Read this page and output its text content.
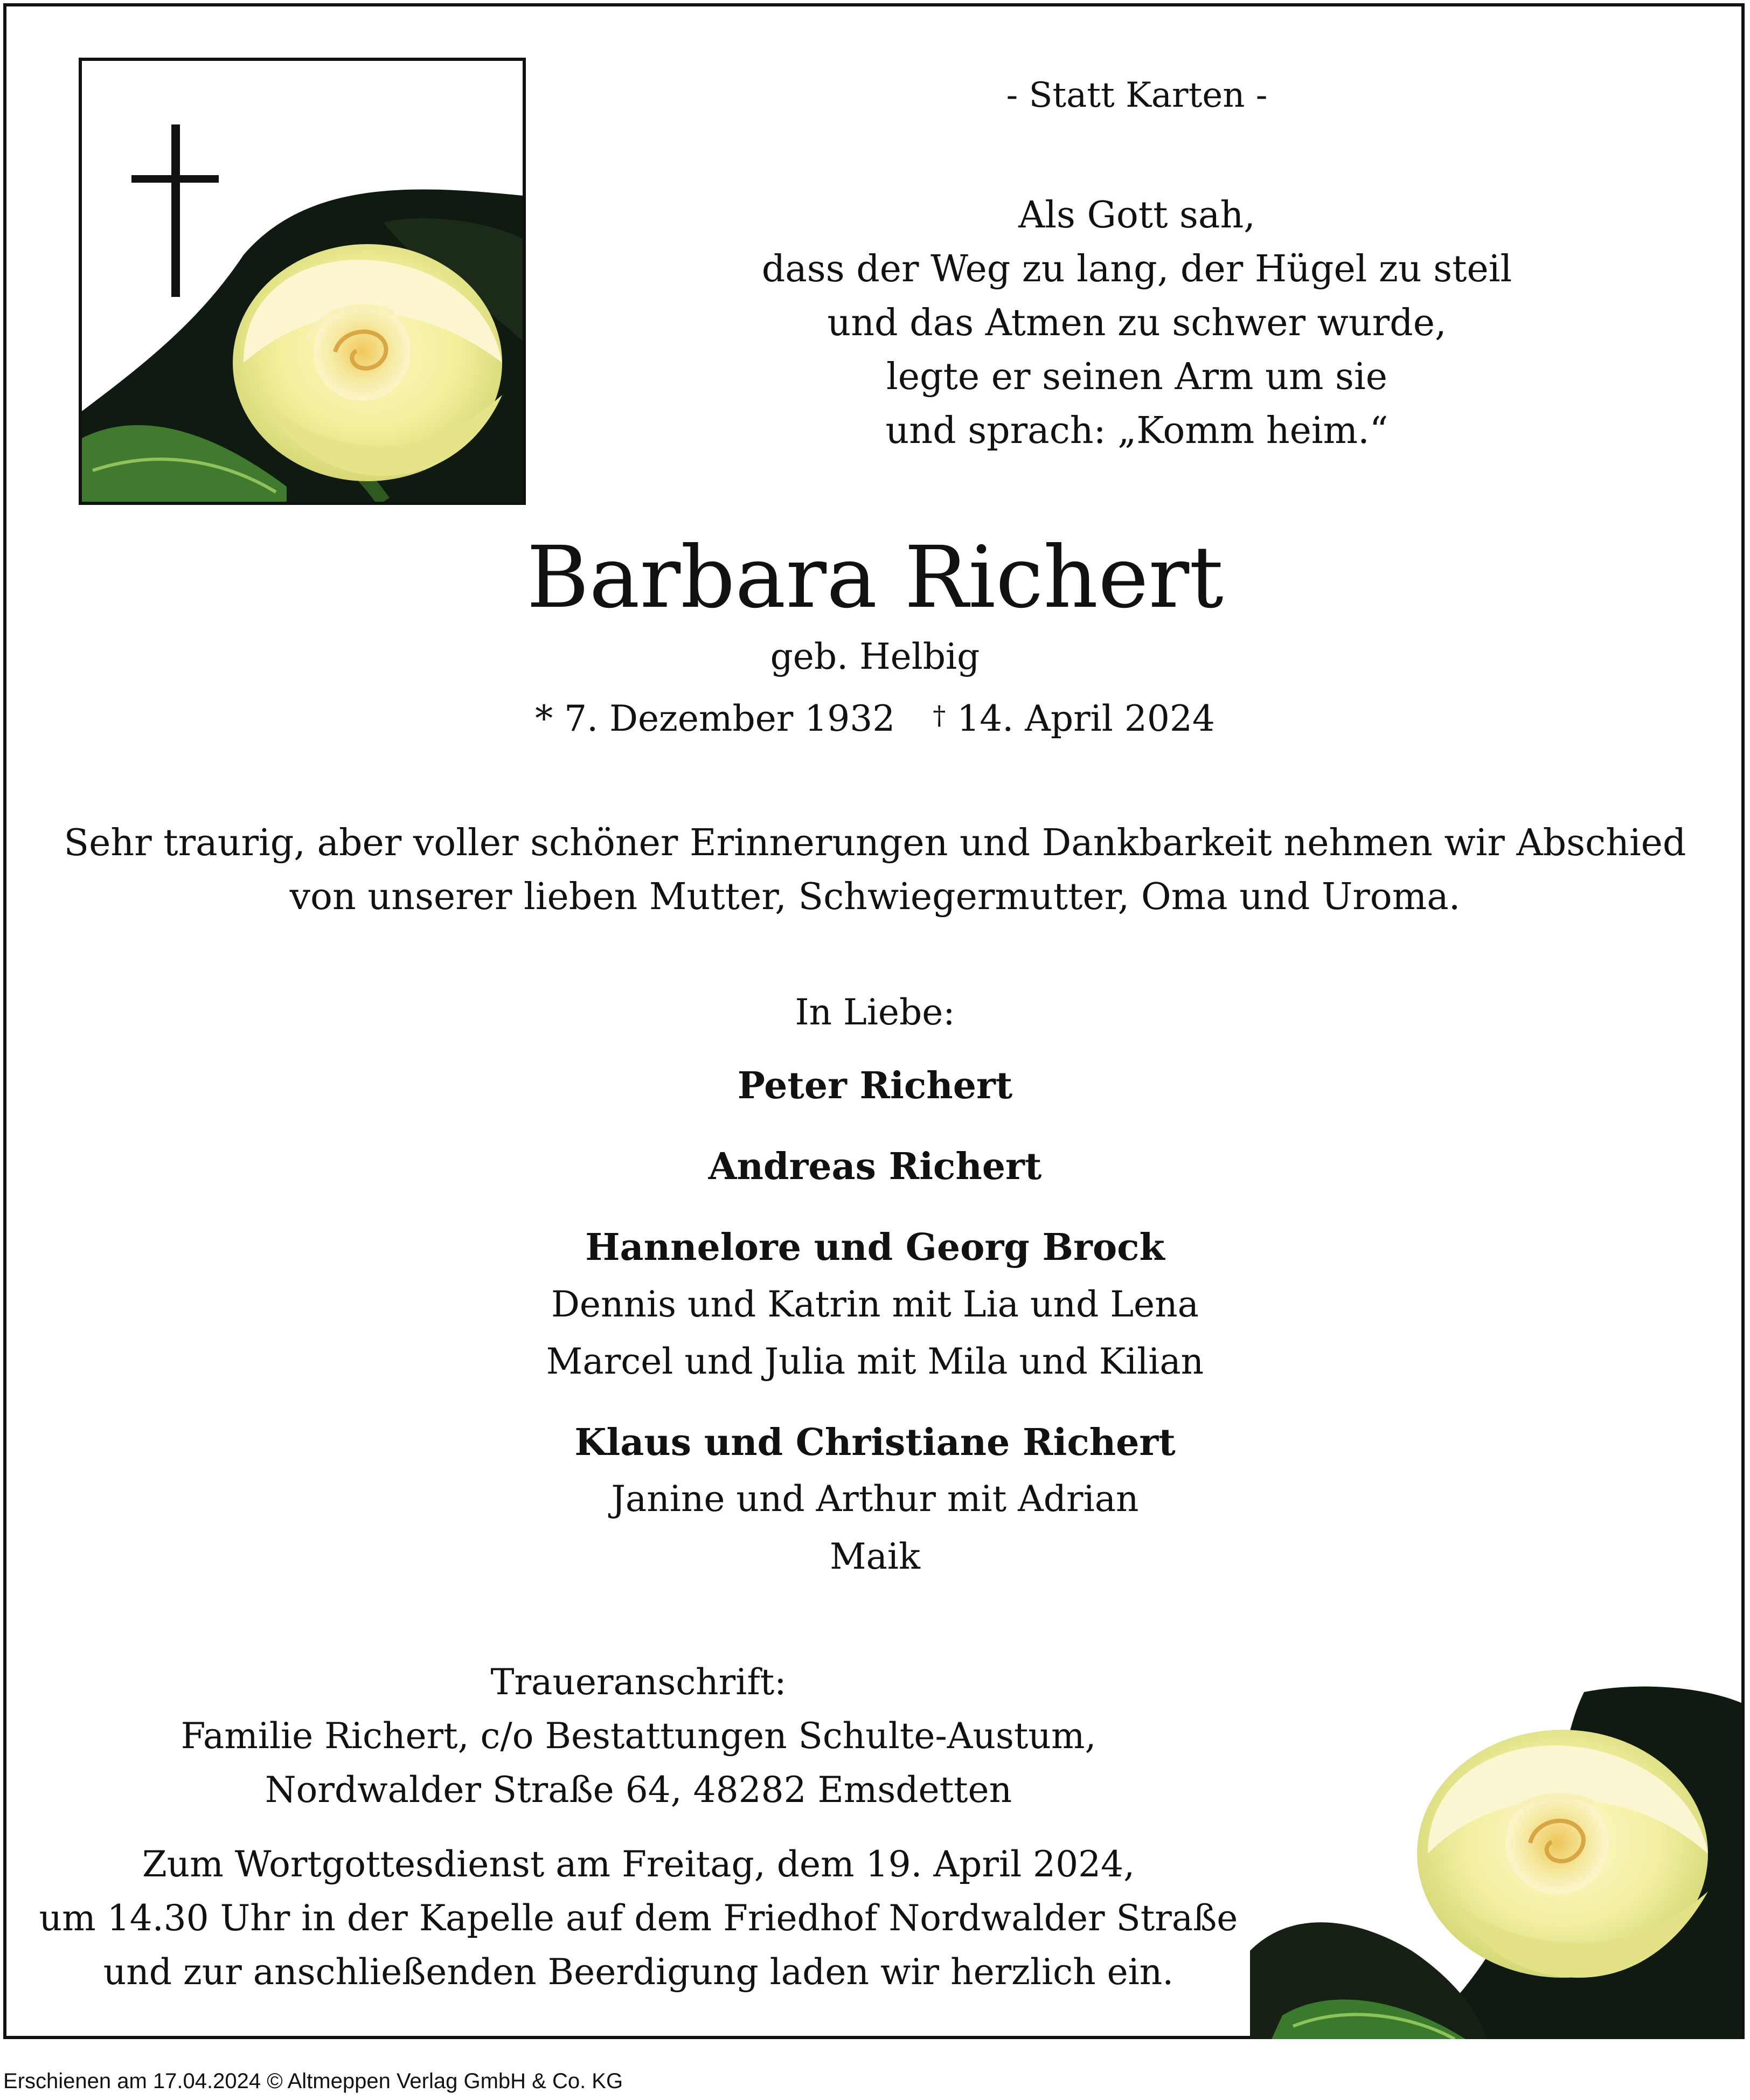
- Statt Karten -
Als Gott sah,
dass der Weg zu lang, der Hügel zu steil
und das Atmen zu schwer wurde,
legte er seinen Arm um sie
und sprach: „Komm heim.“
Barbara Richert
geb. Helbig
* 7. Dezember 1932 † 14. April 2024
Sehr traurig, aber voller schöner Erinnerungen und Dankbarkeit nehmen wir Abschied
von unserer lieben Mutter, Schwiegermutter, Oma und Uroma.
In Liebe:
Peter Richert
Andreas Richert
Hannelore und Georg Brock
Dennis und Katrin mit Lia und Lena
Marcel und Julia mit Mila und Kilian
Klaus und Christiane Richert
Janine und Arthur mit Adrian
Maik
Traueranschrift:
Familie Richert, c/o Bestattungen Schulte-Austum,
Nordwalder Straße 64, 48282 Emsdetten
Zum Wortgottesdienst am Freitag, dem 19. April 2024,
um 14.30 Uhr in der Kapelle auf dem Friedhof Nordwalder Straße
und zur anschließenden Beerdigung laden wir herzlich ein.
Erschienen am 17.04.2024 © Altmeppen Verlag GmbH & Co. KG
